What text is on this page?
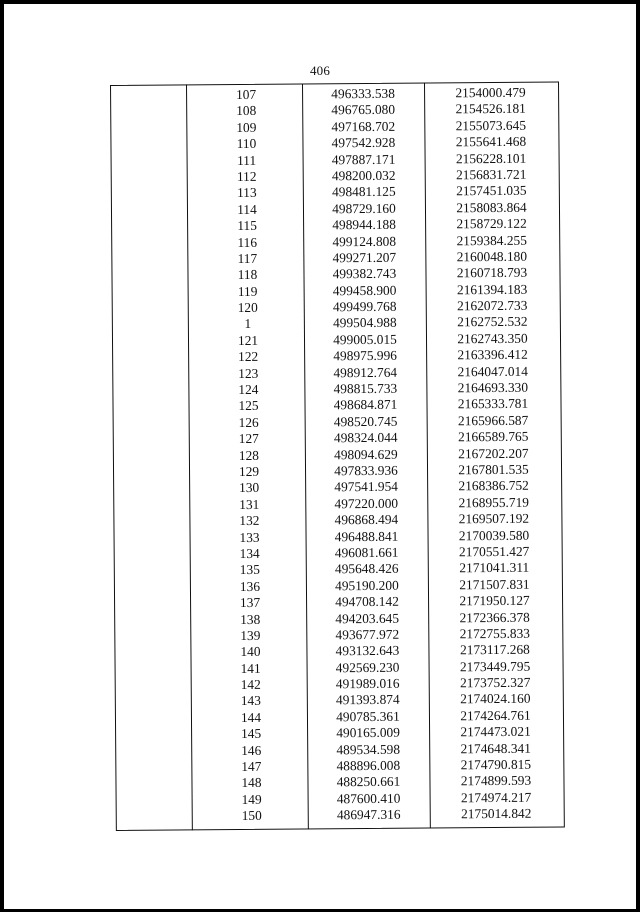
406
107	496333.538	2154000.479
108	496765.080	2154526.181
109	497168.702	2155073.645
110	497542.928	2155641.468
111	497887.171	2156228.101
112	498200.032	2156831.721
113	498481.125	2157451.035
114	498729.160	2158083.864
115	498944.188	2158729.122
116	499124.808	2159384.255
117	499271.207	2160048.180
118	499382.743	2160718.793
119	499458.900	2161394.183
120	499499.768	2162072.733
1	499504.988	2162752.532
121	499005.015	2162743.350
122	498975.996	2163396.412
123	498912.764	2164047.014
124	498815.733	2164693.330
125	498684.871	2165333.781
126	498520.745	2165966.587
127	498324.044	2166589.765
128	498094.629	2167202.207
129	497833.936	2167801.535
130	497541.954	2168386.752
131	497220.000	2168955.719
132	496868.494	2169507.192
133	496488.841	2170039.580
134	496081.661	2170551.427
135	495648.426	2171041.311
136	495190.200	2171507.831
137	494708.142	2171950.127
138	494203.645	2172366.378
139	493677.972	2172755.833
140	493132.643	2173117.268
141	492569.230	2173449.795
142	491989.016	2173752.327
143	491393.874	2174024.160
144	490785.361	2174264.761
145	490165.009	2174473.021
146	489534.598	2174648.341
147	488896.008	2174790.815
148	488250.661	2174899.593
149	487600.410	2174974.217
150	486947.316	2175014.842
